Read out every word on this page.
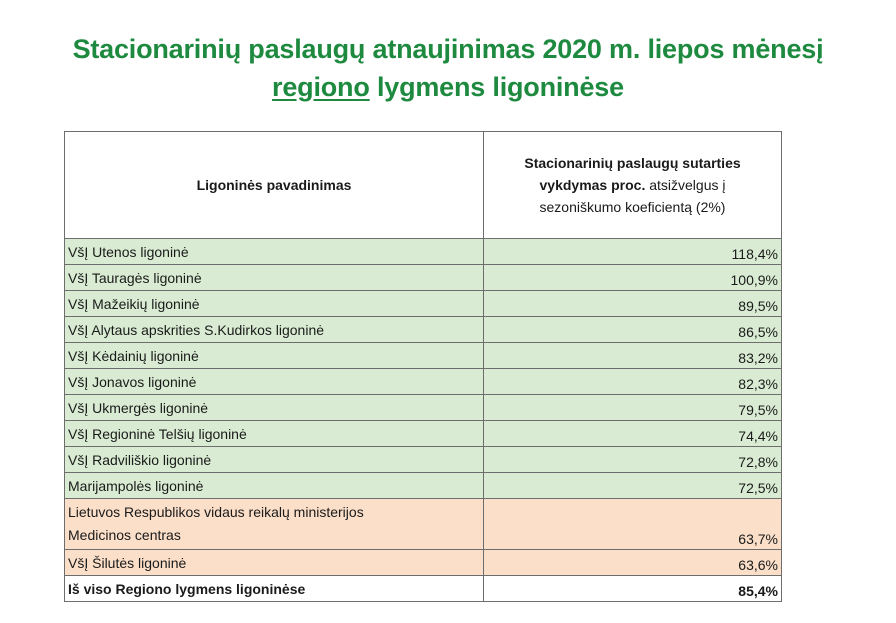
Stacionarinių paslaugų atnaujinimas 2020 m. liepos mėnesį
regiono lygmens ligoninėse
Ligoninės pavadinimas	Stacionarinių paslaugų sutarties
vykdymas proc. atsižvelgus į
sezoniškumo koeficientą (2%)
VšĮ Utenos ligoninė	118,4%
VšĮ Tauragės ligoninė	100,9%
VšĮ Mažeikių ligoninė	89,5%
VšĮ Alytaus apskrities S.Kudirkos ligoninė	86,5%
VšĮ Kėdainių ligoninė	83,2%
VšĮ Jonavos ligoninė	82,3%
VšĮ Ukmergės ligoninė	79,5%
VšĮ Regioninė Telšių ligoninė	74,4%
VšĮ Radviliškio ligoninė	72,8%
Marijampolės ligoninė	72,5%
Lietuvos Respublikos vidaus reikalų ministerijos
Medicinos centras	63,7%
VšĮ Šilutės ligoninė	63,6%
Iš viso Regiono lygmens ligoninėse	85,4%
